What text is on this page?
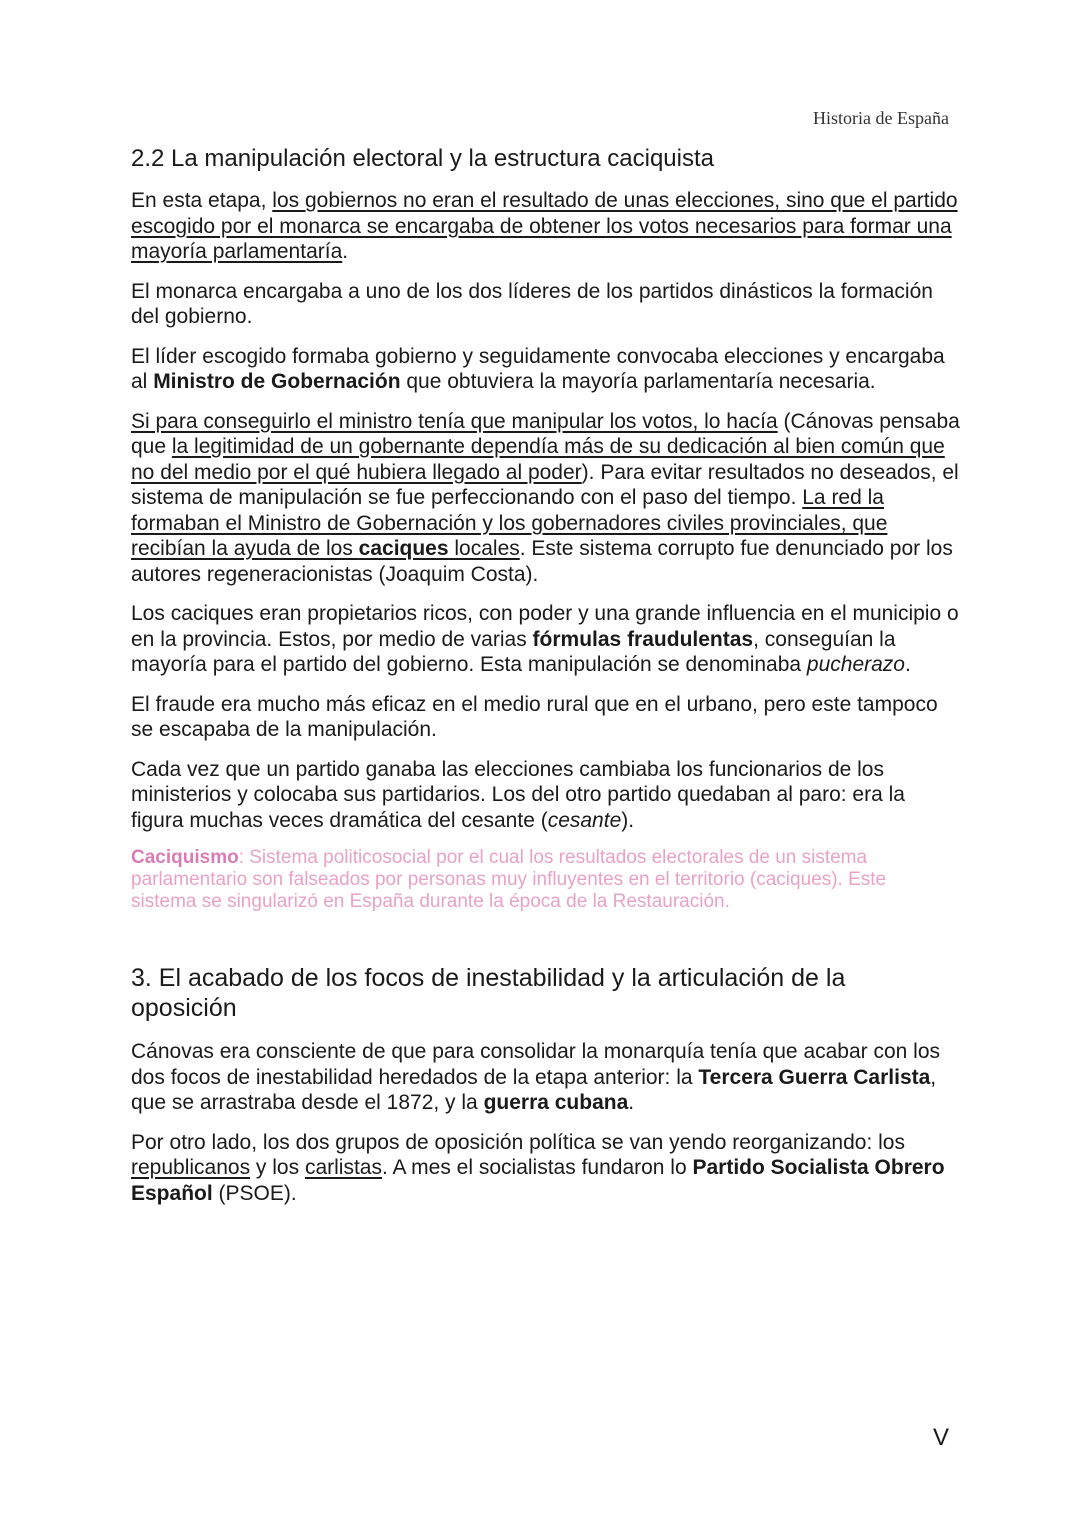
Historia de España
2.2 La manipulación electoral y la estructura caciquista

En esta etapa, los gobiernos no eran el resultado de unas elecciones, sino que el partido escogido por el monarca se encargaba de obtener los votos necesarios para formar una mayoría parlamentaría.

El monarca encargaba a uno de los dos líderes de los partidos dinásticos la formación del gobierno.

El líder escogido formaba gobierno y seguidamente convocaba elecciones y encargaba al Ministro de Gobernación que obtuviera la mayoría parlamentaría necesaria.

Si para conseguirlo el ministro tenía que manipular los votos, lo hacía (Cánovas pensaba que la legitimidad de un gobernante dependía más de su dedicación al bien común que no del medio por el qué hubiera llegado al poder). Para evitar resultados no deseados, el sistema de manipulación se fue perfeccionando con el paso del tiempo. La red la formaban el Ministro de Gobernación y los gobernadores civiles provinciales, que recibían la ayuda de los caciques locales. Este sistema corrupto fue denunciado por los autores regeneracionistas (Joaquim Costa).

Los caciques eran propietarios ricos, con poder y una grande influencia en el municipio o en la provincia. Estos, por medio de varias fórmulas fraudulentas, conseguían la mayoría para el partido del gobierno. Esta manipulación se denominaba pucherazo.

El fraude era mucho más eficaz en el medio rural que en el urbano, pero este tampoco se escapaba de la manipulación.

Cada vez que un partido ganaba las elecciones cambiaba los funcionarios de los ministerios y colocaba sus partidarios. Los del otro partido quedaban al paro: era la figura muchas veces dramática del cesante (cesante).

Caciquismo: Sistema politicosocial por el cual los resultados electorales de un sistema parlamentario son falseados por personas muy influyentes en el territorio (caciques). Este sistema se singularizó en España durante la época de la Restauración.

3. El acabado de los focos de inestabilidad y la articulación de la oposición

Cánovas era consciente de que para consolidar la monarquía tenía que acabar con los dos focos de inestabilidad heredados de la etapa anterior: la Tercera Guerra Carlista, que se arrastraba desde el 1872, y la guerra cubana.

Por otro lado, los dos grupos de oposición política se van yendo reorganizando: los republicanos y los carlistas. A mes el socialistas fundaron lo Partido Socialista Obrero Español (PSOE).

V
